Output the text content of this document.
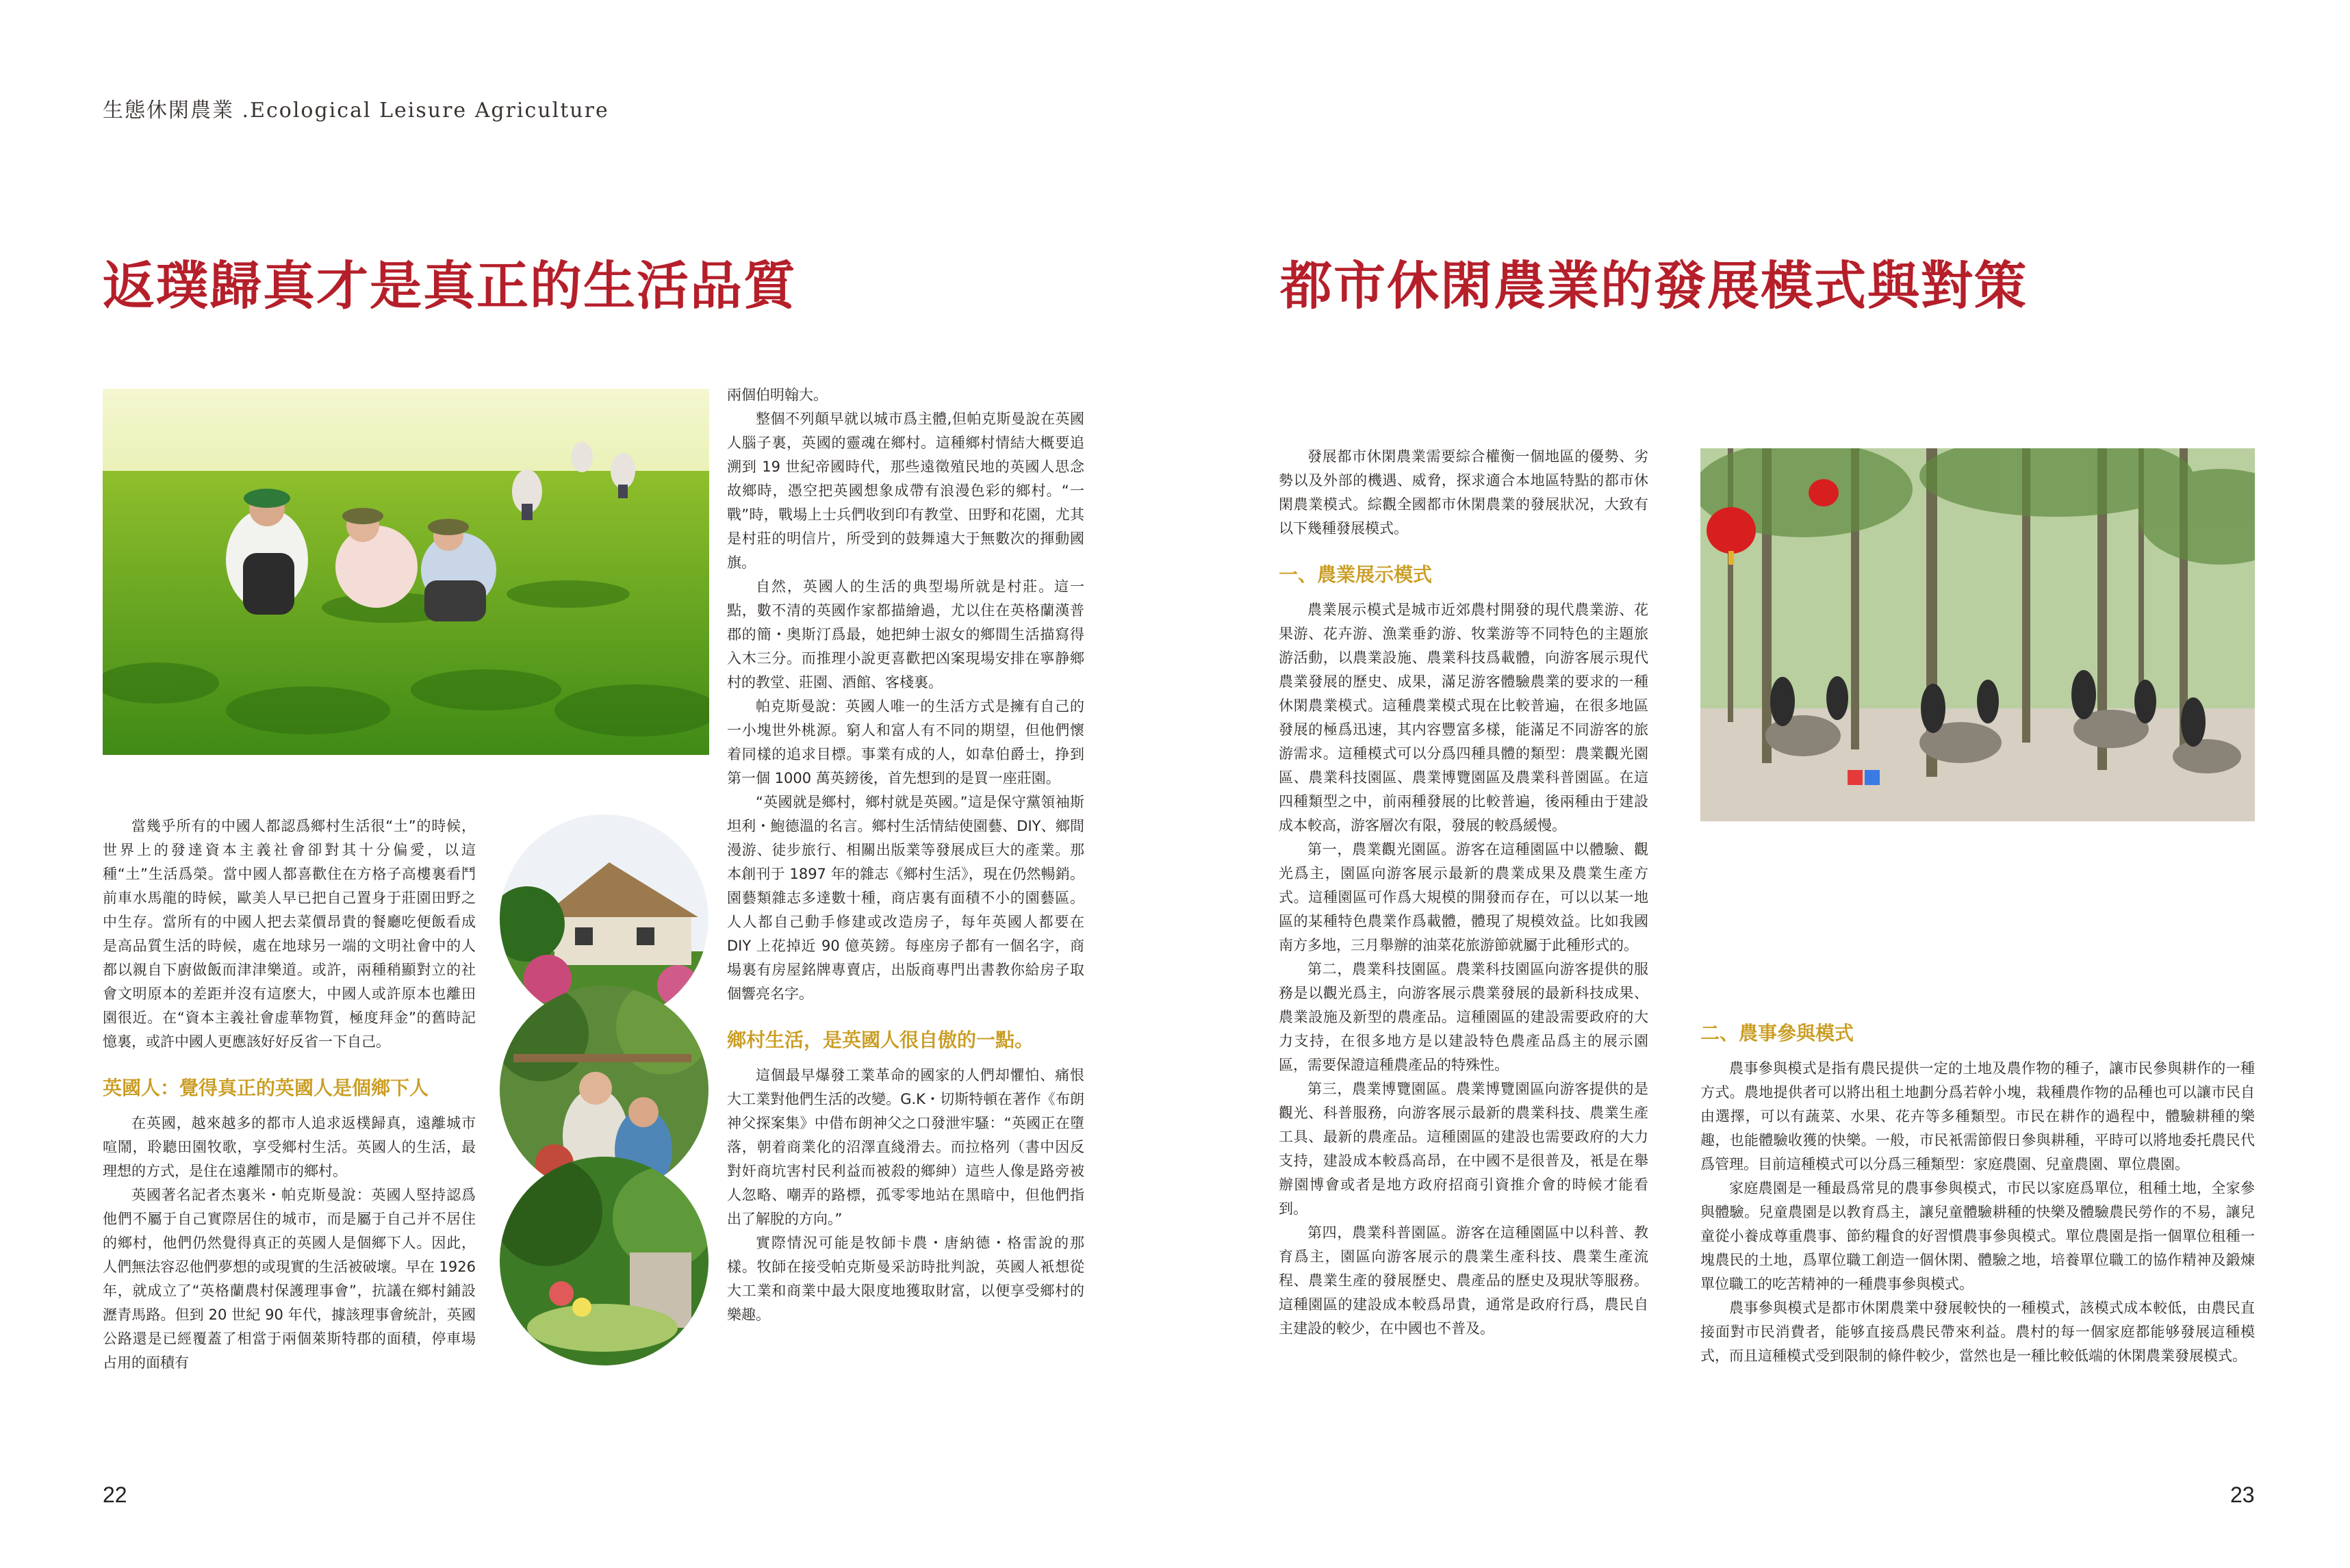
生態休閑農業 .Ecological Leisure Agriculture
返璞歸真才是真正的生活品質

當幾乎所有的中國人都認爲鄉村生活很“土”的時候，世界上的發達資本主義社會卻對其十分偏愛，以這種“土”生活爲榮。當中國人都喜歡住在方格子高樓裏看鬥前車水馬龍的時候，歐美人早已把自己置身于莊園田野之中生存。當所有的中國人把去菜價昂貴的餐廳吃便飯看成是高品質生活的時候，處在地球另一端的文明社會中的人都以親自下廚做飯而津津樂道。或許，兩種稍顯對立的社會文明原本的差距并沒有這麽大，中國人或許原本也離田園很近。在“資本主義社會虚華物質，極度拜金”的舊時記憶裏，或許中國人更應該好好反省一下自己。

英國人：覺得真正的英國人是個鄉下人

在英國，越來越多的都市人追求返樸歸真，遠離城市喧鬧，聆聽田園牧歌，享受鄉村生活。英國人的生活，最理想的方式，是住在遠離鬧市的鄉村。

英國著名記者杰裏米・帕克斯曼說：英國人堅持認爲他們不屬于自己實際居住的城市，而是屬于自己并不居住的鄉村，他們仍然覺得真正的英國人是個鄉下人。因此，人們無法容忍他們夢想的或現實的生活被破壞。早在 1926 年，就成立了“英格蘭農村保護理事會”，抗議在鄉村鋪設瀝青馬路。但到 20 世紀 90 年代，據該理事會統計，英國公路還是已經覆蓋了相當于兩個萊斯特郡的面積，停車場占用的面積有

兩個伯明翰大。

整個不列顛早就以城市爲主體,但帕克斯曼說在英國人腦子裏，英國的靈魂在鄉村。這種鄉村情結大概要追溯到 19 世紀帝國時代，那些遠徵殖民地的英國人思念故鄉時，憑空把英國想象成帶有浪漫色彩的鄉村。“一戰”時，戰場上士兵們收到印有教堂、田野和花園，尤其是村莊的明信片，所受到的鼓舞遠大于無數次的揮動國旗。

自然，英國人的生活的典型場所就是村莊。這一點，數不清的英國作家都描繪過，尤以住在英格蘭漢普郡的簡・奥斯汀爲最，她把紳士淑女的鄉間生活描寫得入木三分。而推理小說更喜歡把凶案現場安排在寧静鄉村的教堂、莊園、酒館、客棧裏。

帕克斯曼說：英國人唯一的生活方式是擁有自己的一小塊世外桃源。窮人和富人有不同的期望，但他們懷着同樣的追求目標。事業有成的人，如韋伯爵士，挣到第一個 1000 萬英鎊後，首先想到的是買一座莊園。

“英國就是鄉村，鄉村就是英國。”這是保守黨領袖斯坦利・鮑德溫的名言。鄉村生活情結使園藝、DIY、鄉間漫游、徒步旅行、相關出版業等發展成巨大的產業。那本創刊于 1897 年的雜志《鄉村生活》，現在仍然暢銷。園藝類雜志多達數十種，商店裏有面積不小的園藝區。人人都自己動手修建或改造房子，每年英國人都要在 DIY 上花掉近 90 億英鎊。每座房子都有一個名字，商場裏有房屋銘牌專賣店，出版商專門出書教你給房子取個響亮名字。

鄉村生活，是英國人很自傲的一點。

這個最早爆發工業革命的國家的人們却懼怕、痛恨大工業對他們生活的改變。G.K・切斯特頓在著作《布朗神父探案集》中借布朗神父之口發泄牢騷：“英國正在墮落，朝着商業化的沼澤直綫滑去。而拉格列（書中因反對奸商坑害村民利益而被殺的鄉紳）這些人像是路旁被人忽略、嘲弄的路標，孤零零地站在黑暗中，但他們指出了解脫的方向。”

實際情況可能是牧師卡農・唐納德・格雷說的那樣。牧師在接受帕克斯曼采訪時批判說，英國人衹想從大工業和商業中最大限度地獲取財富，以便享受鄉村的樂趣。

22
都市休閑農業的發展模式與對策

發展都市休閑農業需要綜合權衡一個地區的優勢、劣勢以及外部的機遇、威脅，探求適合本地區特點的都市休閑農業模式。綜觀全國都市休閑農業的發展狀况，大致有以下幾種發展模式。

一、農業展示模式

農業展示模式是城市近郊農村開發的現代農業游、花果游、花卉游、漁業垂釣游、牧業游等不同特色的主題旅游活動，以農業設施、農業科技爲載體，向游客展示現代農業發展的歷史、成果，滿足游客體驗農業的要求的一種休閑農業模式。這種農業模式現在比較普遍，在很多地區發展的極爲迅速，其内容豐富多樣，能滿足不同游客的旅游需求。這種模式可以分爲四種具體的類型：農業觀光園區、農業科技園區、農業博覽園區及農業科普園區。在這四種類型之中，前兩種發展的比較普遍，後兩種由于建設成本較高，游客層次有限，發展的較爲緩慢。

第一，農業觀光園區。游客在這種園區中以體驗、觀光爲主，園區向游客展示最新的農業成果及農業生產方式。這種園區可作爲大規模的開發而存在，可以以某一地區的某種特色農業作爲載體，體現了規模效益。比如我國南方多地，三月舉辦的油菜花旅游節就屬于此種形式的。

第二，農業科技園區。農業科技園區向游客提供的服務是以觀光爲主，向游客展示農業發展的最新科技成果、農業設施及新型的農產品。這種園區的建設需要政府的大力支持，在很多地方是以建設特色農產品爲主的展示園區，需要保證這種農產品的特殊性。

第三，農業博覽園區。農業博覽園區向游客提供的是觀光、科普服務，向游客展示最新的農業科技、農業生產工具、最新的農產品。這種園區的建設也需要政府的大力支持，建設成本較爲高昂，在中國不是很普及，衹是在舉辦園博會或者是地方政府招商引資推介會的時候才能看到。

第四，農業科普園區。游客在這種園區中以科普、教育爲主，園區向游客展示的農業生產科技、農業生產流程、農業生產的發展歷史、農產品的歷史及現狀等服務。這種園區的建設成本較爲昂貴，通常是政府行爲，農民自主建設的較少，在中國也不普及。

二、農事參與模式

農事參與模式是指有農民提供一定的土地及農作物的種子，讓市民參與耕作的一種方式。農地提供者可以將出租土地劃分爲若幹小塊，栽種農作物的品種也可以讓市民自由選擇，可以有蔬菜、水果、花卉等多種類型。市民在耕作的過程中，體驗耕種的樂趣，也能體驗收獲的快樂。一般，市民衹需節假日參與耕種，平時可以將地委托農民代爲管理。目前這種模式可以分爲三種類型：家庭農園、兒童農園、單位農園。

家庭農園是一種最爲常見的農事參與模式，市民以家庭爲單位，租種土地，全家參與體驗。兒童農園是以教育爲主，讓兒童體驗耕種的快樂及體驗農民勞作的不易，讓兒童從小養成尊重農事、節約糧食的好習慣農事參與模式。單位農園是指一個單位租種一塊農民的土地，爲單位職工創造一個休閑、體驗之地，培養單位職工的協作精神及鍛煉單位職工的吃苦精神的一種農事參與模式。

農事參與模式是都市休閑農業中發展較快的一種模式，該模式成本較低，由農民直接面對市民消費者，能够直接爲農民帶來利益。農村的每一個家庭都能够發展這種模式，而且這種模式受到限制的條件較少，當然也是一種比較低端的休閑農業發展模式。

23
